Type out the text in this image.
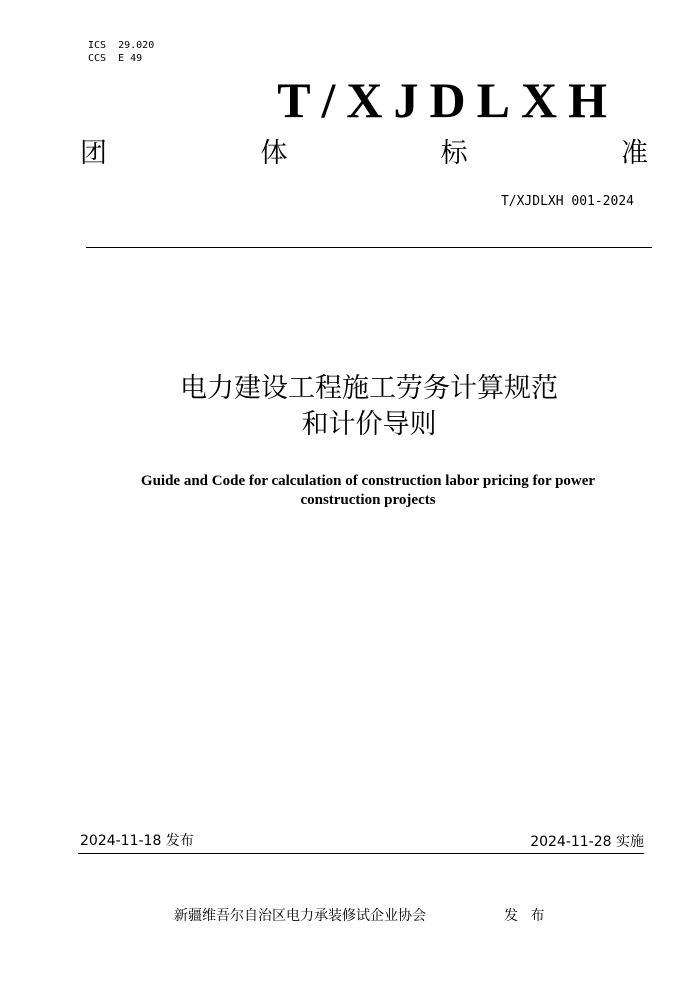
ICS  29.020
CCS  E 49
T/XJDLXH
团	体	标	准
T/XJDLXH 001-2024
电力建设工程施工劳务计算规范
和计价导则
Guide and Code for calculation of construction labor pricing for power
construction projects
2024-11-18 发布	2024-11-28 实施
新疆维吾尔自治区电力承装修试企业协会	发 布
